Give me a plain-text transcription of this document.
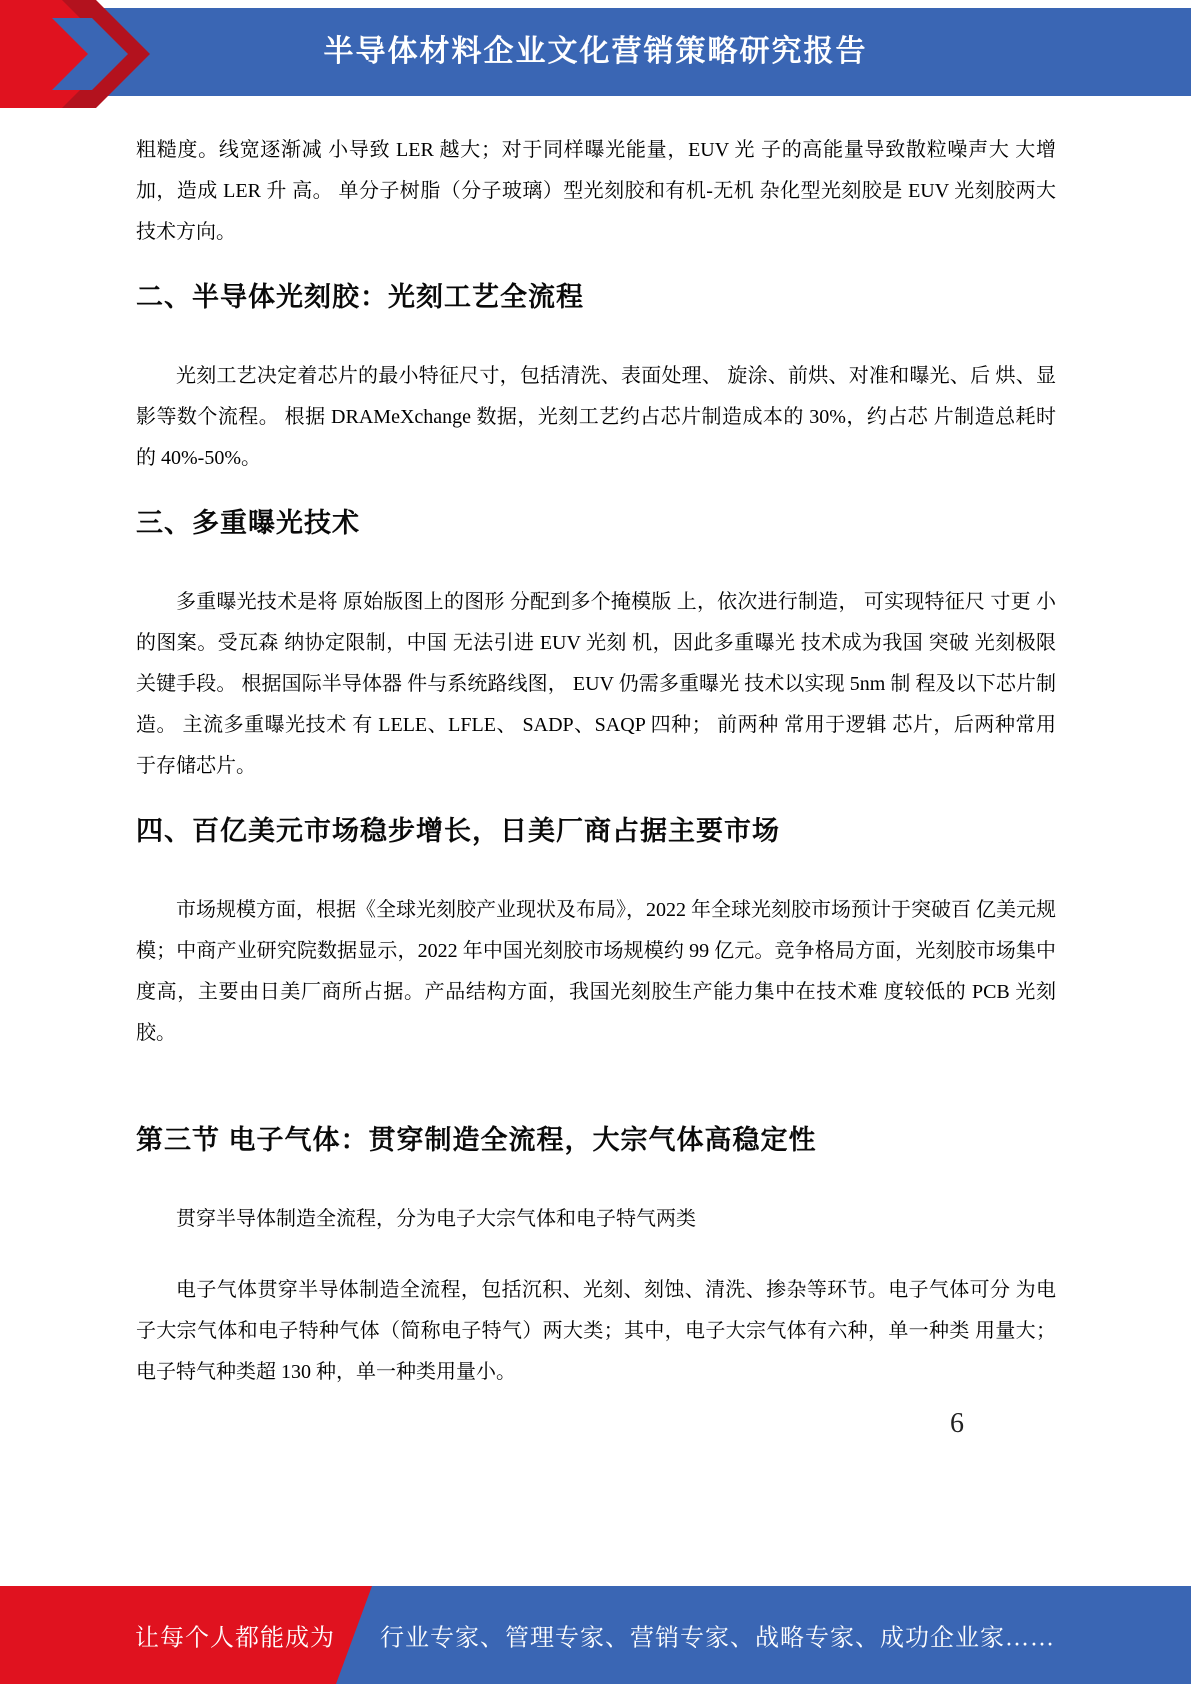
半导体材料企业文化营销策略研究报告

粗糙度。线宽逐渐减 小导致 LER 越大；对于同样曝光能量，EUV 光 子的高能量导致散粒噪声大 大增加，造成 LER 升 高。 单分子树脂（分子玻璃）型光刻胶和有机-无机 杂化型光刻胶是 EUV 光刻胶两大技术方向。

二、半导体光刻胶：光刻工艺全流程

光刻工艺决定着芯片的最小特征尺寸，包括清洗、表面处理、 旋涂、前烘、对准和曝光、后 烘、显影等数个流程。 根据 DRAMeXchange 数据，光刻工艺约占芯片制造成本的 30%，约占芯 片制造总耗时的 40%-50%。

三、多重曝光技术

多重曝光技术是将 原始版图上的图形 分配到多个掩模版 上，依次进行制造， 可实现特征尺 寸更 小的图案。受瓦森 纳协定限制，中国 无法引进 EUV 光刻 机，因此多重曝光 技术成为我国 突破 光刻极限关键手段。 根据国际半导体器 件与系统路线图， EUV 仍需多重曝光 技术以实现 5nm 制 程及以下芯片制造。 主流多重曝光技术 有 LELE、LFLE、 SADP、SAQP 四种； 前两种 常用于逻辑 芯片，后两种常用 于存储芯片。

四、百亿美元市场稳步增长，日美厂商占据主要市场

市场规模方面，根据《全球光刻胶产业现状及布局》，2022 年全球光刻胶市场预计于突破百 亿美元规模；中商产业研究院数据显示，2022 年中国光刻胶市场规模约 99 亿元。竞争格局方面，光刻胶市场集中度高，主要由日美厂商所占据。产品结构方面，我国光刻胶生产能力集中在技术难 度较低的 PCB 光刻胶。

第三节 电子气体：贯穿制造全流程，大宗气体高稳定性

贯穿半导体制造全流程，分为电子大宗气体和电子特气两类

电子气体贯穿半导体制造全流程，包括沉积、光刻、刻蚀、清洗、掺杂等环节。电子气体可分 为电子大宗气体和电子特种气体（简称电子特气）两大类；其中，电子大宗气体有六种，单一种类 用量大；电子特气种类超 130 种，单一种类用量小。

6
让每个人都能成为 行业专家、管理专家、营销专家、战略专家、成功企业家……
